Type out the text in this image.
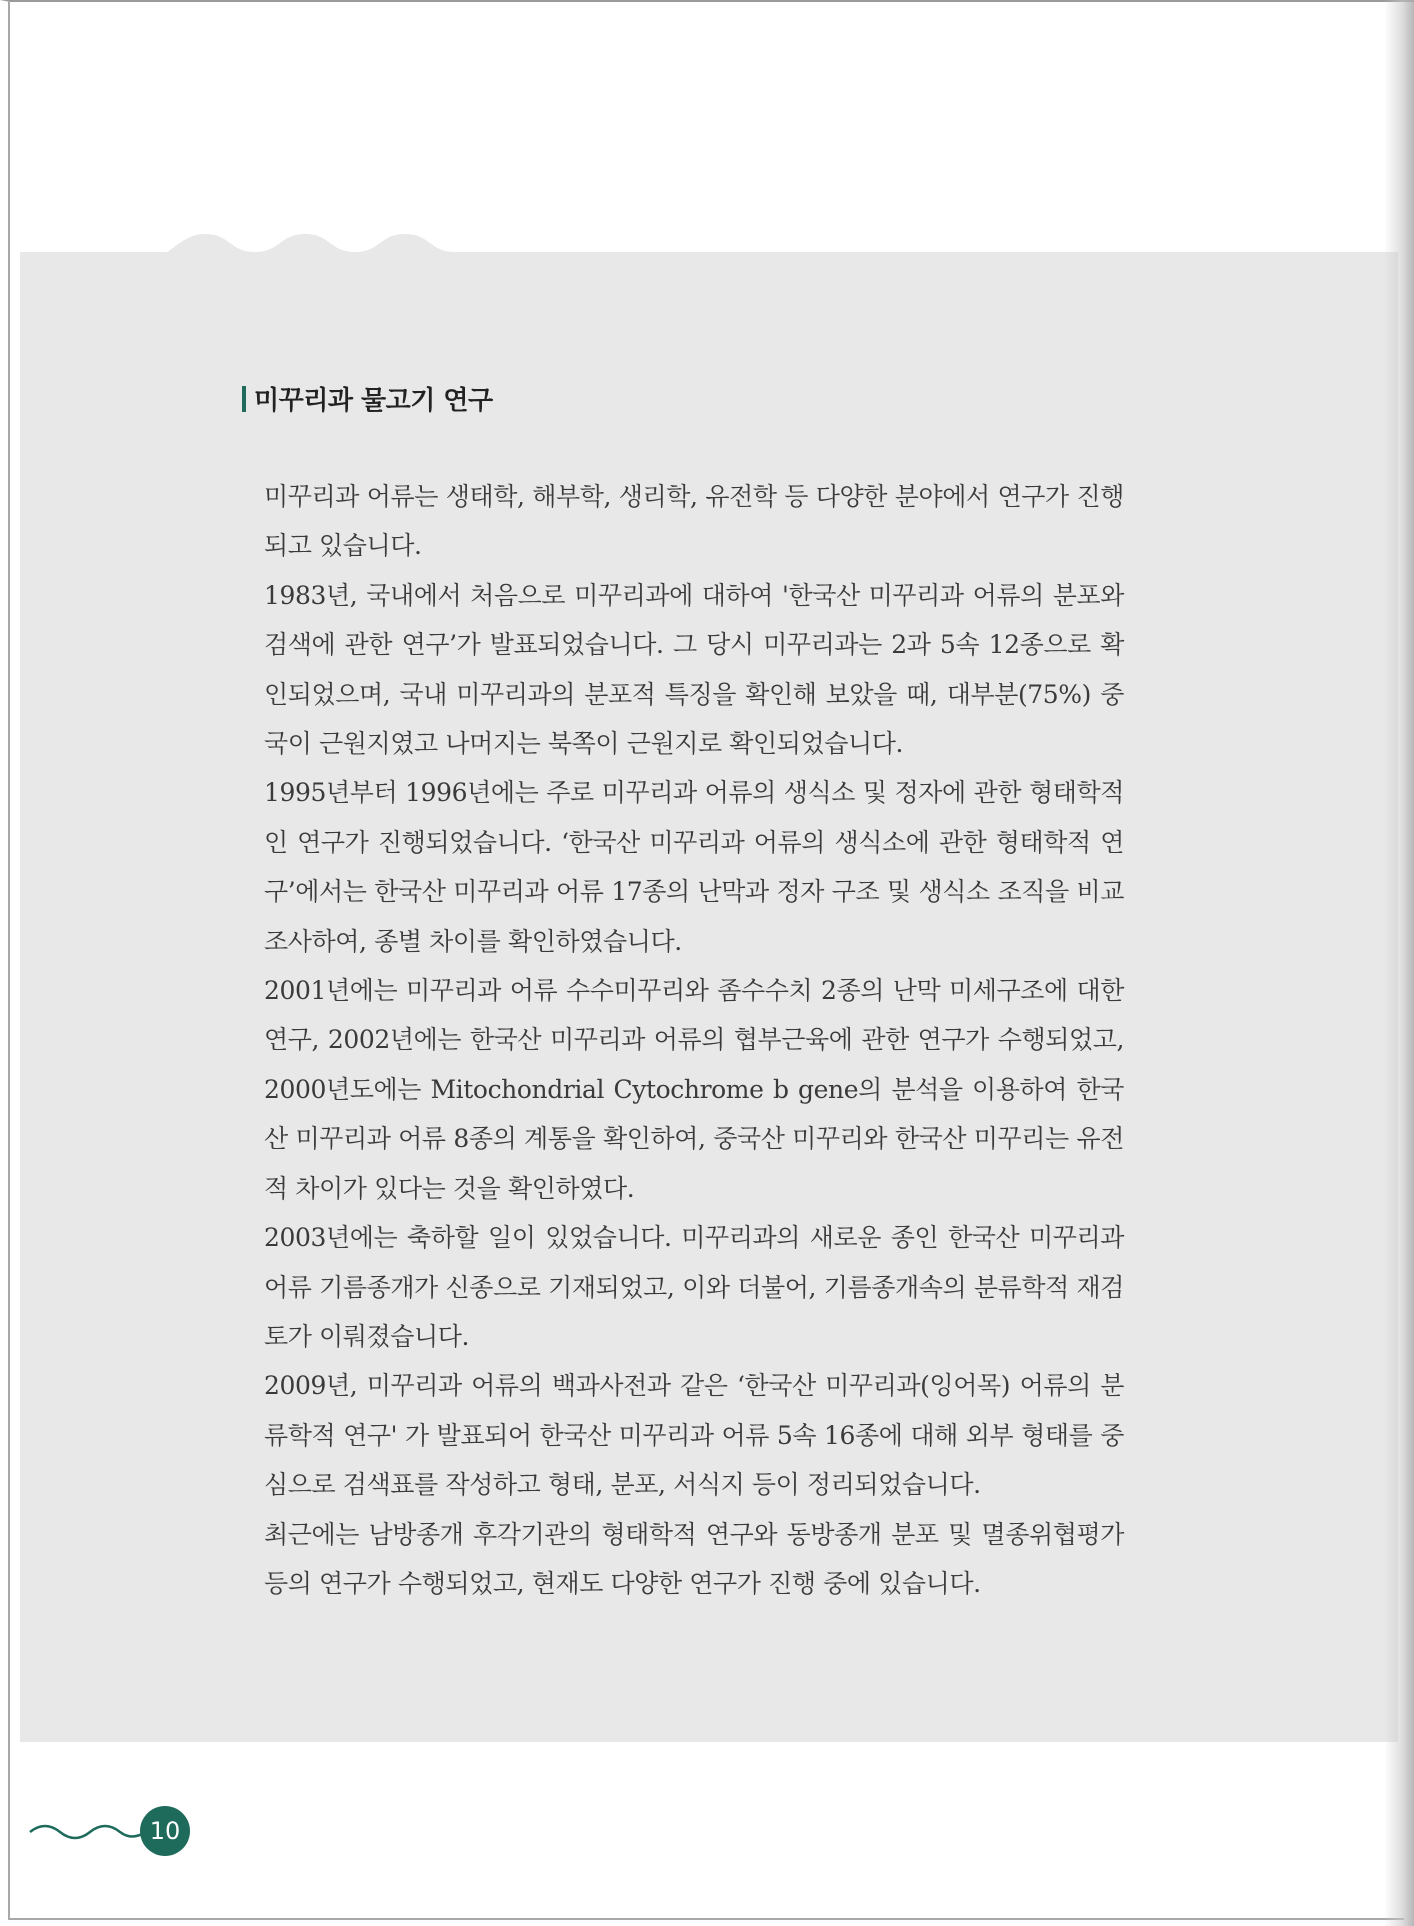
미꾸리과 물고기 연구

미꾸리과 어류는 생태학, 해부학, 생리학, 유전학 등 다양한 분야에서 연구가 진행되고 있습니다.

1983년, 국내에서 처음으로 미꾸리과에 대하여 '한국산 미꾸리과 어류의 분포와 검색에 관한 연구’가 발표되었습니다. 그 당시 미꾸리과는 2과 5속 12종으로 확인되었으며, 국내 미꾸리과의 분포적 특징을 확인해 보았을 때, 대부분(75%) 중국이 근원지였고 나머지는 북쪽이 근원지로 확인되었습니다.

1995년부터 1996년에는 주로 미꾸리과 어류의 생식소 및 정자에 관한 형태학적인 연구가 진행되었습니다. ‘한국산 미꾸리과 어류의 생식소에 관한 형태학적 연구’에서는 한국산 미꾸리과 어류 17종의 난막과 정자 구조 및 생식소 조직을 비교 조사하여, 종별 차이를 확인하였습니다.

2001년에는 미꾸리과 어류 수수미꾸리와 좀수수치 2종의 난막 미세구조에 대한 연구, 2002년에는 한국산 미꾸리과 어류의 협부근육에 관한 연구가 수행되었고, 2000년도에는 Mitochondrial Cytochrome b gene의 분석을 이용하여 한국산 미꾸리과 어류 8종의 계통을 확인하여, 중국산 미꾸리와 한국산 미꾸리는 유전적 차이가 있다는 것을 확인하였다.

2003년에는 축하할 일이 있었습니다. 미꾸리과의 새로운 종인 한국산 미꾸리과 어류 기름종개가 신종으로 기재되었고, 이와 더불어, 기름종개속의 분류학적 재검토가 이뤄졌습니다.

2009년, 미꾸리과 어류의 백과사전과 같은 ‘한국산 미꾸리과(잉어목) 어류의 분류학적 연구' 가 발표되어 한국산 미꾸리과 어류 5속 16종에 대해 외부 형태를 중심으로 검색표를 작성하고 형태, 분포, 서식지 등이 정리되었습니다.

최근에는 남방종개 후각기관의 형태학적 연구와 동방종개 분포 및 멸종위협평가 등의 연구가 수행되었고, 현재도 다양한 연구가 진행 중에 있습니다.

10
